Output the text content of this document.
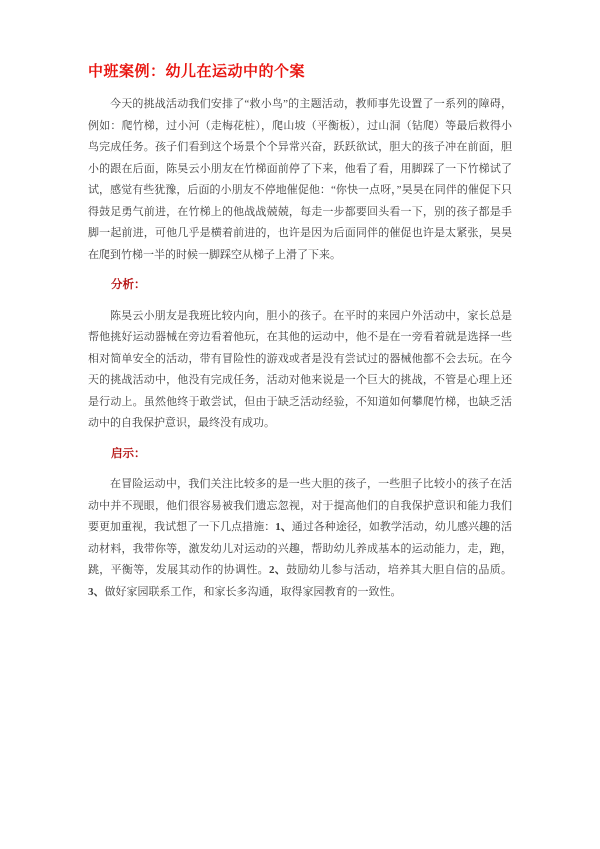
中班案例：幼儿在运动中的个案

今天的挑战活动我们安排了“救小鸟”的主题活动，教师事先设置了一系列的障碍，例如：爬竹梯，过小河（走梅花桩），爬山坡（平衡板），过山洞（钻爬）等最后救得小鸟完成任务。孩子们看到这个场景个个异常兴奋，跃跃欲试，胆大的孩子冲在前面，胆小的跟在后面，陈昊云小朋友在竹梯面前停了下来，他看了看，用脚踩了一下竹梯试了试，感觉有些犹豫，后面的小朋友不停地催促他：“你快一点呀，”昊昊在同伴的催促下只得鼓足勇气前进，在竹梯上的他战战兢兢，每走一步都要回头看一下，别的孩子都是手脚一起前进，可他几乎是横着前进的，也许是因为后面同伴的催促也许是太紧张，昊昊在爬到竹梯一半的时候一脚踩空从梯子上滑了下来。

分析：

陈昊云小朋友是我班比较内向，胆小的孩子。在平时的来园户外活动中，家长总是帮他挑好运动器械在旁边看着他玩，在其他的运动中，他不是在一旁看着就是选择一些相对简单安全的活动，带有冒险性的游戏或者是没有尝试过的器械他都不会去玩。在今天的挑战活动中，他没有完成任务，活动对他来说是一个巨大的挑战，不管是心理上还是行动上。虽然他终于敢尝试，但由于缺乏活动经验，不知道如何攀爬竹梯，也缺乏活动中的自我保护意识，最终没有成功。

启示：

在冒险运动中，我们关注比较多的是一些大胆的孩子，一些胆子比较小的孩子在活动中并不现眼，他们很容易被我们遗忘忽视，对于提高他们的自我保护意识和能力我们要更加重视，我试想了一下几点措施：1、通过各种途径，如教学活动，幼儿感兴趣的活动材料，我带你等，激发幼儿对运动的兴趣，帮助幼儿养成基本的运动能力，走，跑，跳，平衡等，发展其动作的协调性。2、鼓励幼儿参与活动，培养其大胆自信的品质。3、做好家园联系工作，和家长多沟通，取得家园教育的一致性。
